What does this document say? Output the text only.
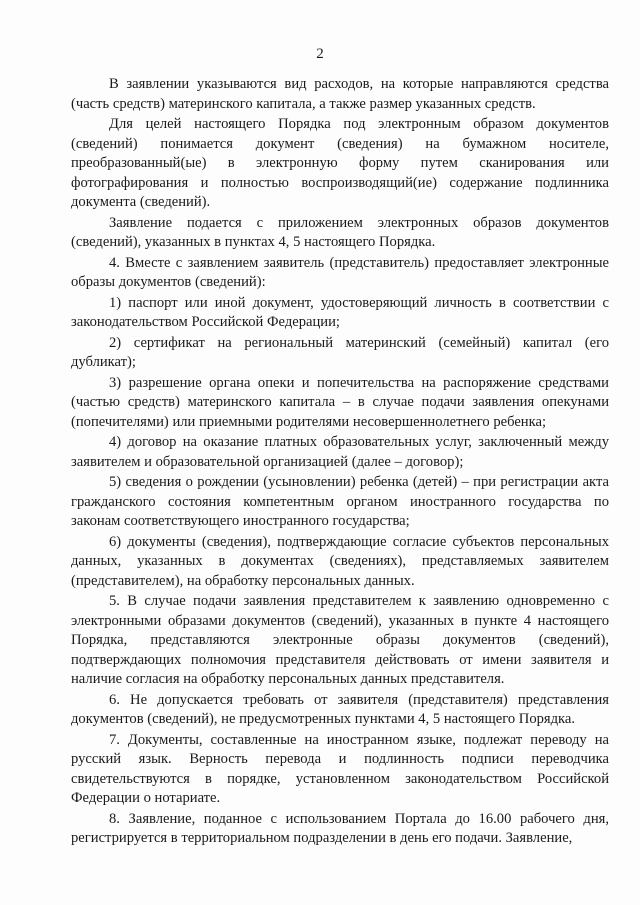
2

В заявлении указываются вид расходов, на которые направляются средства (часть средств) материнского капитала, а также размер указанных средств.

Для целей настоящего Порядка под электронным образом документов (сведений) понимается документ (сведения) на бумажном носителе, преобразованный(ые) в электронную форму путем сканирования или фотографирования и полностью воспроизводящий(ие) содержание подлинника документа (сведений).

Заявление подается с приложением электронных образов документов (сведений), указанных в пунктах 4, 5 настоящего Порядка.

4. Вместе с заявлением заявитель (представитель) предоставляет электронные образы документов (сведений):

1) паспорт или иной документ, удостоверяющий личность в соответствии с законодательством Российской Федерации;

2) сертификат на региональный материнский (семейный) капитал (его дубликат);

3) разрешение органа опеки и попечительства на распоряжение средствами (частью средств) материнского капитала – в случае подачи заявления опекунами (попечителями) или приемными родителями несовершеннолетнего ребенка;

4) договор на оказание платных образовательных услуг, заключенный между заявителем и образовательной организацией (далее – договор);

5) сведения о рождении (усыновлении) ребенка (детей) – при регистрации акта гражданского состояния компетентным органом иностранного государства по законам соответствующего иностранного государства;

6) документы (сведения), подтверждающие согласие субъектов персональных данных, указанных в документах (сведениях), представляемых заявителем (представителем), на обработку персональных данных.

5. В случае подачи заявления представителем к заявлению одновременно с электронными образами документов (сведений), указанных в пункте 4 настоящего Порядка, представляются электронные образы документов (сведений), подтверждающих полномочия представителя действовать от имени заявителя и наличие согласия на обработку персональных данных представителя.

6. Не допускается требовать от заявителя (представителя) представления документов (сведений), не предусмотренных пунктами 4, 5 настоящего Порядка.

7. Документы, составленные на иностранном языке, подлежат переводу на русский язык. Верность перевода и подлинность подписи переводчика свидетельствуются в порядке, установленном законодательством Российской Федерации о нотариате.

8. Заявление, поданное с использованием Портала до 16.00 рабочего дня, регистрируется в территориальном подразделении в день его подачи. Заявление,
